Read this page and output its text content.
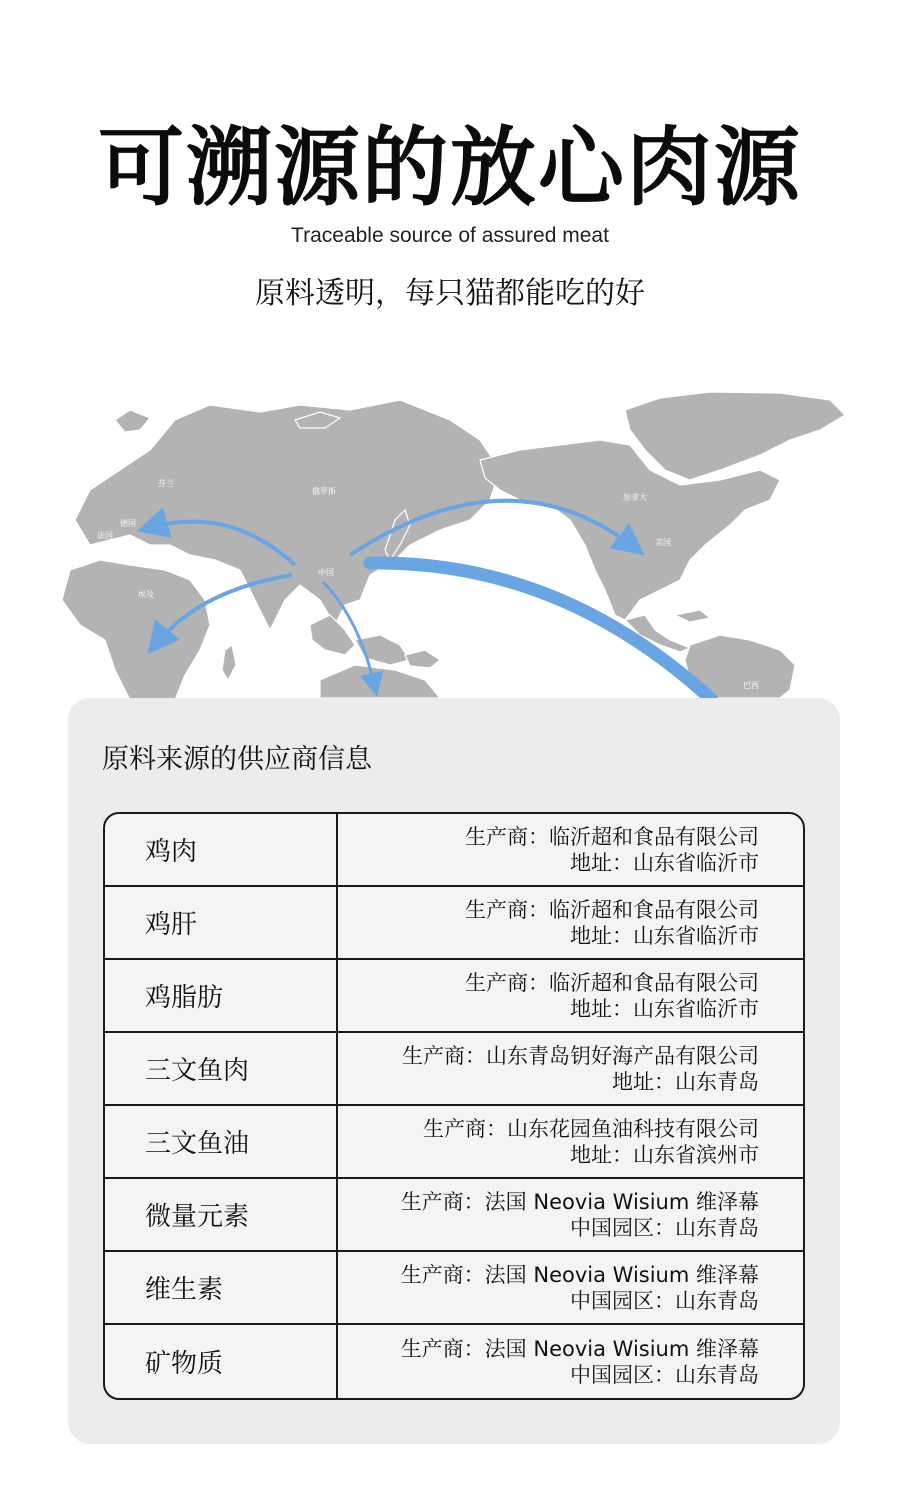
可溯源的放心肉源
Traceable source of assured meat
原料透明，每只猫都能吃的好
芬兰
俄罗斯
德国
法国
中国
埃及
加拿大
美国
巴西
原料来源的供应商信息
鸡肉
生产商：临沂超和食品有限公司
地址：山东省临沂市
鸡肝
生产商：临沂超和食品有限公司
地址：山东省临沂市
鸡脂肪
生产商：临沂超和食品有限公司
地址：山东省临沂市
三文鱼肉
生产商：山东青岛钥好海产品有限公司
地址：山东青岛
三文鱼油
生产商：山东花园鱼油科技有限公司
地址：山东省滨州市
微量元素
生产商：法国 Neovia Wisium 维泽幕
中国园区：山东青岛
维生素
生产商：法国 Neovia Wisium 维泽幕
中国园区：山东青岛
矿物质
生产商：法国 Neovia Wisium 维泽幕
中国园区：山东青岛
